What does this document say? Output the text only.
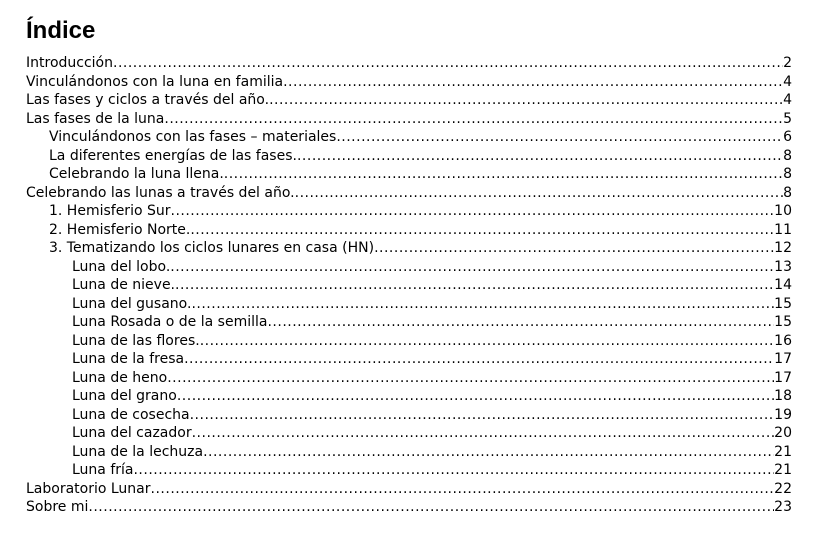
Índice
Introducción .....	2
Vinculándonos con la luna en familia .....	4
Las fases y ciclos a través del año. .....	4
Las fases de la luna .....	5
Vinculándonos con las fases – materiales .....	6
La diferentes energías de las fases. .....	8
Celebrando la luna llena. .....	8
Celebrando las lunas a través del año. .....	8
1. Hemisferio Sur .....	10
2. Hemisferio Norte. .....	11
3. Tematizando los ciclos lunares en casa (HN) .....	12
Luna del lobo. .....	13
Luna de nieve. .....	14
Luna del gusano. .....	15
Luna Rosada o de la semilla .....	15
Luna de las flores. .....	16
Luna de la fresa .....	17
Luna de heno .....	17
Luna del grano .....	18
Luna de cosecha .....	19
Luna del cazador .....	20
Luna de la lechuza .....	21
Luna fría .....	21
Laboratorio Lunar .....	22
Sobre mi .....	23
